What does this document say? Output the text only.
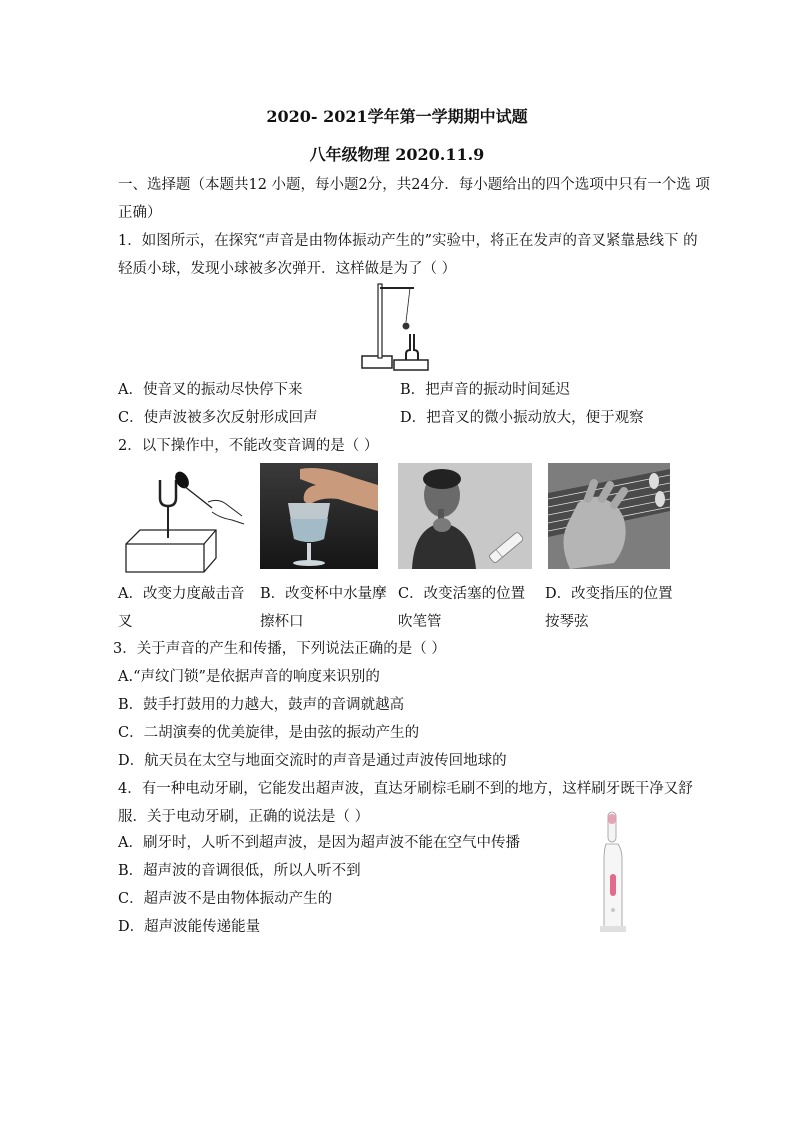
2020- 2021学年第一学期期中试题
八年级物理 2020.11.9
一、选择题（本题共12 小题，每小题2分，共24分．每小题给出的四个选项中只有一个选 项
正确）
1．如图所示，在探究“声音是由物体振动产生的”实验中，将正在发声的音叉紧靠悬线下 的
轻质小球，发现小球被多次弹开．这样做是为了（ ）
A．使音叉的振动尽快停下来	B．把声音的振动时间延迟
C．使声波被多次反射形成回声	D．把音叉的微小振动放大，便于观察
2．以下操作中，不能改变音调的是（ ）
A．改变力度敲击音叉
B．改变杯中水量摩擦杯口
C．改变活塞的位置吹笔管
D．改变指压的位置按琴弦
3．关于声音的产生和传播，下列说法正确的是（ ）
A.“声纹门锁”是依据声音的响度来识别的
B．鼓手打鼓用的力越大，鼓声的音调就越高
C．二胡演奏的优美旋律，是由弦的振动产生的
D．航天员在太空与地面交流时的声音是通过声波传回地球的
4．有一种电动牙刷，它能发出超声波，直达牙刷棕毛刷不到的地方，这样刷牙既干净又舒
服．关于电动牙刷，正确的说法是（ ）
A．刷牙时，人听不到超声波，是因为超声波不能在空气中传播
B．超声波的音调很低，所以人听不到
C．超声波不是由物体振动产生的
D．超声波能传递能量
